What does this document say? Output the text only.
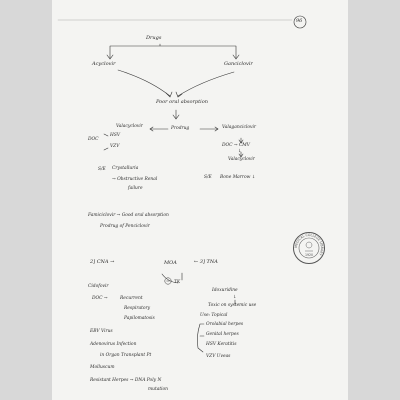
96
Drugs
Acyclovir	Ganciclovir
Poor oral absorption
Prodrug
Valacyclovir	Valaganciclovir
DOC
HSV
VZV	DOC → CMV
↓
Valacyclovir
S/E Crystalluria
→ Obstructive Renal
failure
S/E Bone Marrow ↓
Famiciclovir → Good oral absorption
Prodrug of Penciclovir
MEDICAL COLLEGE LIBRARY
1920
2] CNA →	MOA	← 3] TNA
TK
Cidofovir
DOC →	Recurrent
Respiratory
Papilomatosis
EBV Virus
Adenovirus Infection
in Organ Transplant Pt
Molluscum
Resistant Herpes → DNA Poly N
mutation
Idoxuridine
↓
Toxic on systemic use
Use: Topical
Orolabial herpes
Genital herpes
HSV Keratitis
VZV Uveas
